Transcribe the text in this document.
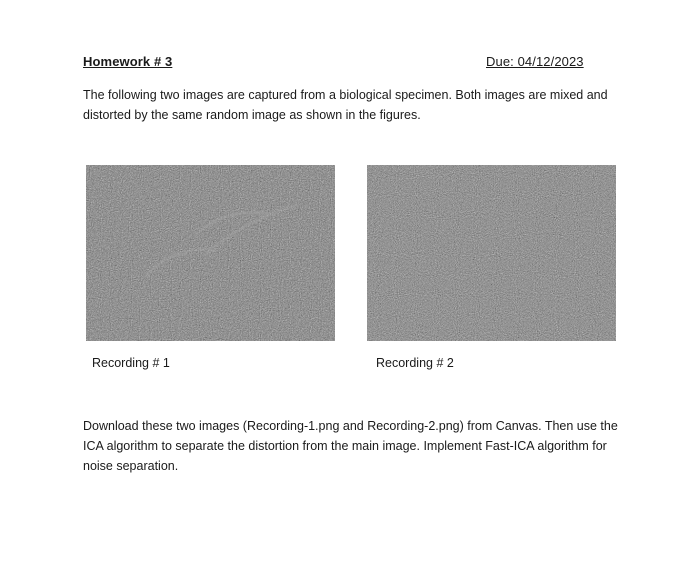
Homework # 3	Due: 04/12/2023
The following two images are captured from a biological specimen. Both images are mixed and distorted by the same random image as shown in the figures.
Recording # 1	Recording # 2
Download these two images (Recording-1.png and Recording-2.png) from Canvas. Then use the ICA algorithm to separate the distortion from the main image. Implement Fast-ICA algorithm for noise separation.
